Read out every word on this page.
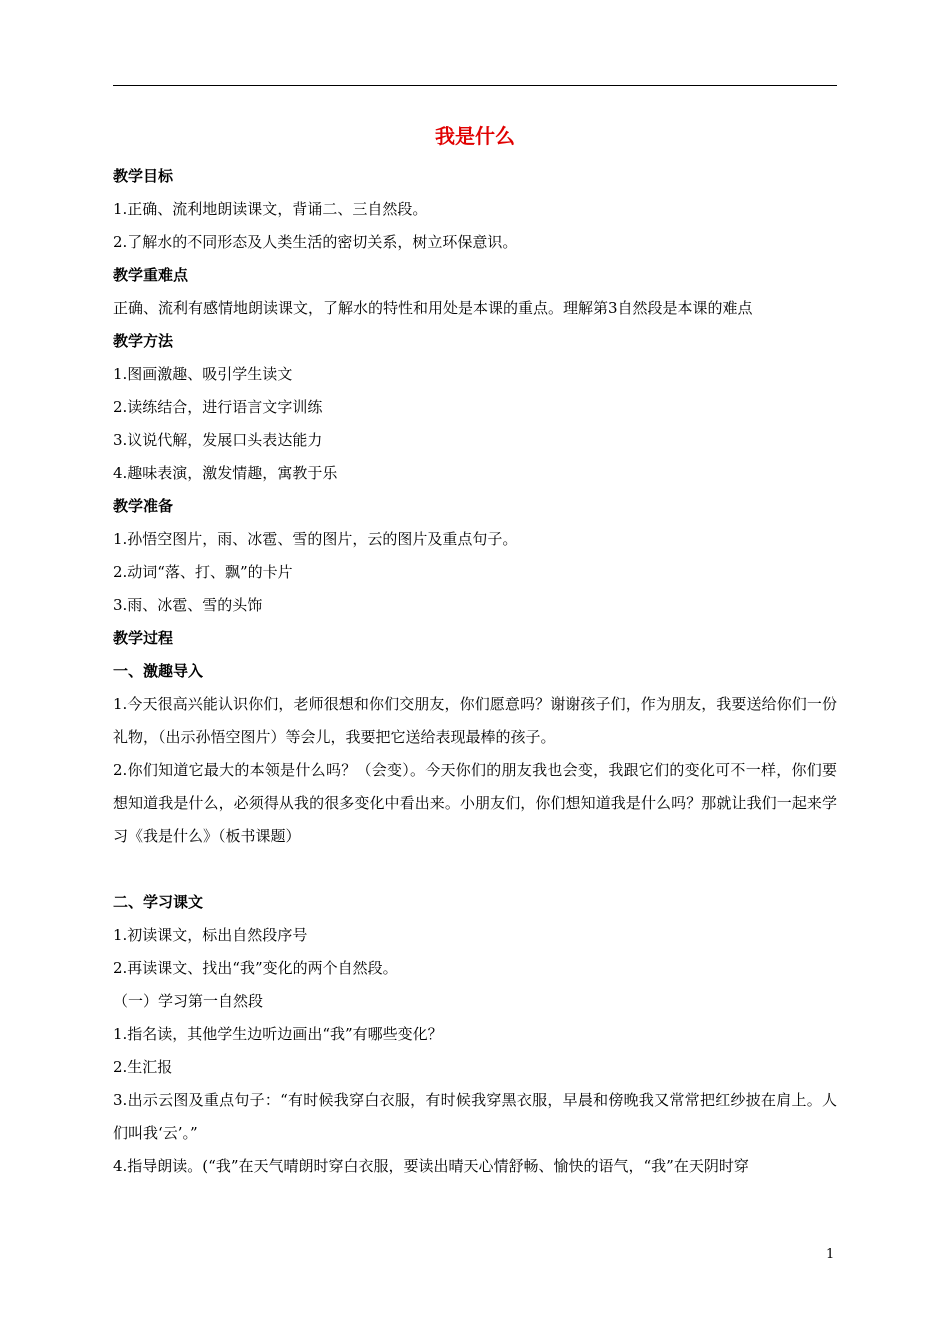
我是什么

教学目标

1.正确、流利地朗读课文，背诵二、三自然段。

2.了解水的不同形态及人类生活的密切关系，树立环保意识。

教学重难点

正确、流利有感情地朗读课文，了解水的特性和用处是本课的重点。理解第3自然段是本课的难点

教学方法

1.图画激趣、吸引学生读文

2.读练结合，进行语言文字训练

3.议说代解，发展口头表达能力

4.趣味表演，激发情趣，寓教于乐

教学准备

1.孙悟空图片，雨、冰雹、雪的图片，云的图片及重点句子。

2.动词“落、打、飘”的卡片

3.雨、冰雹、雪的头饰

教学过程

一、激趣导入

1.今天很高兴能认识你们，老师很想和你们交朋友，你们愿意吗？谢谢孩子们，作为朋友，我要送给你们一份礼物，（出示孙悟空图片）等会儿，我要把它送给表现最棒的孩子。

2.你们知道它最大的本领是什么吗？（会变）。今天你们的朋友我也会变，我跟它们的变化可不一样，你们要想知道我是什么，必须得从我的很多变化中看出来。小朋友们，你们想知道我是什么吗？那就让我们一起来学习《我是什么》（板书课题）

二、学习课文

1.初读课文，标出自然段序号

2.再读课文、找出“我”变化的两个自然段。

（一）学习第一自然段

1.指名读，其他学生边听边画出“我”有哪些变化？

2.生汇报

3.出示云图及重点句子：“有时候我穿白衣服，有时候我穿黑衣服，早晨和傍晚我又常常把红纱披在肩上。人们叫我‘云’。”

4.指导朗读。(“我”在天气晴朗时穿白衣服，要读出晴天心情舒畅、愉快的语气，“我”在天阴时穿

1
